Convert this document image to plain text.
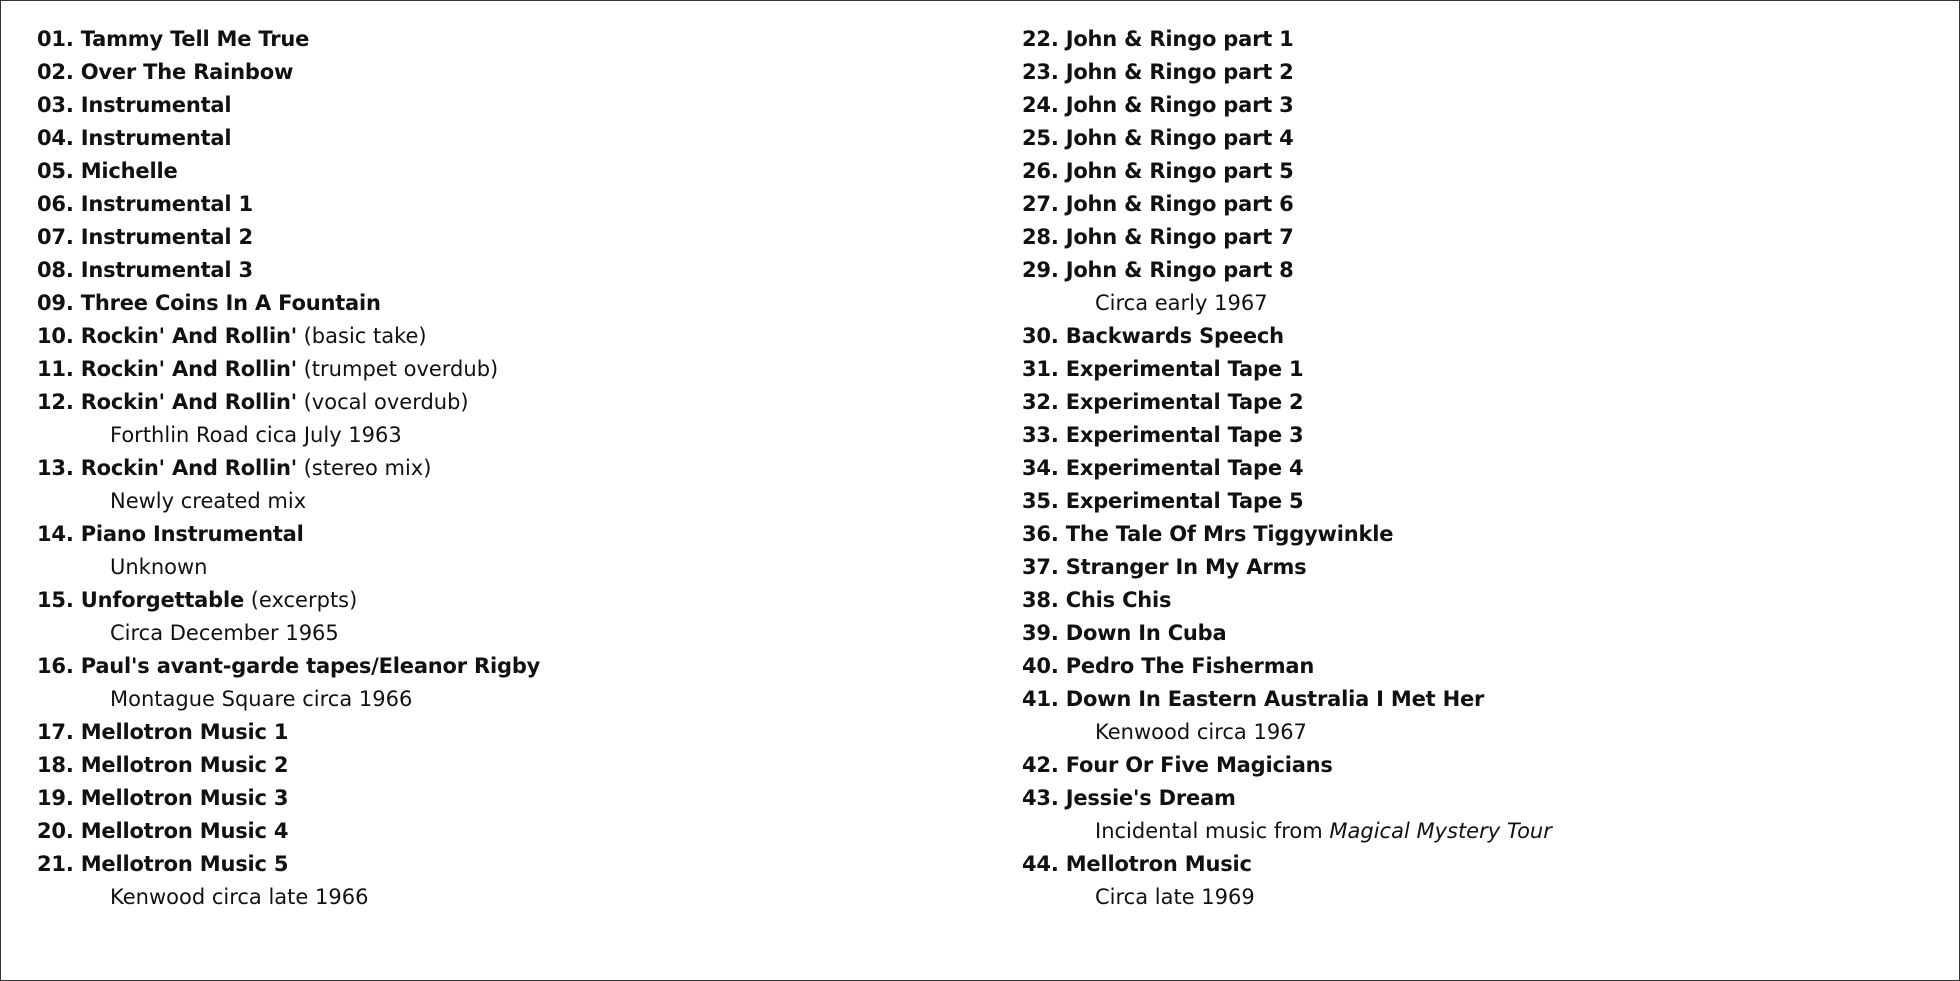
01. Tammy Tell Me True
02. Over The Rainbow
03. Instrumental
04. Instrumental
05. Michelle
06. Instrumental 1
07. Instrumental 2
08. Instrumental 3
09. Three Coins In A Fountain
10. Rockin' And Rollin' (basic take)
11. Rockin' And Rollin' (trumpet overdub)
12. Rockin' And Rollin' (vocal overdub)
Forthlin Road cica July 1963
13. Rockin' And Rollin' (stereo mix)
Newly created mix
14. Piano Instrumental
Unknown
15. Unforgettable (excerpts)
Circa December 1965
16. Paul's avant-garde tapes/Eleanor Rigby
Montague Square circa 1966
17. Mellotron Music 1
18. Mellotron Music 2
19. Mellotron Music 3
20. Mellotron Music 4
21. Mellotron Music 5
Kenwood circa late 1966
22. John & Ringo part 1
23. John & Ringo part 2
24. John & Ringo part 3
25. John & Ringo part 4
26. John & Ringo part 5
27. John & Ringo part 6
28. John & Ringo part 7
29. John & Ringo part 8
Circa early 1967
30. Backwards Speech
31. Experimental Tape 1
32. Experimental Tape 2
33. Experimental Tape 3
34. Experimental Tape 4
35. Experimental Tape 5
36. The Tale Of Mrs Tiggywinkle
37. Stranger In My Arms
38. Chis Chis
39. Down In Cuba
40. Pedro The Fisherman
41. Down In Eastern Australia I Met Her
Kenwood circa 1967
42. Four Or Five Magicians
43. Jessie's Dream
Incidental music from Magical Mystery Tour
44. Mellotron Music
Circa late 1969
